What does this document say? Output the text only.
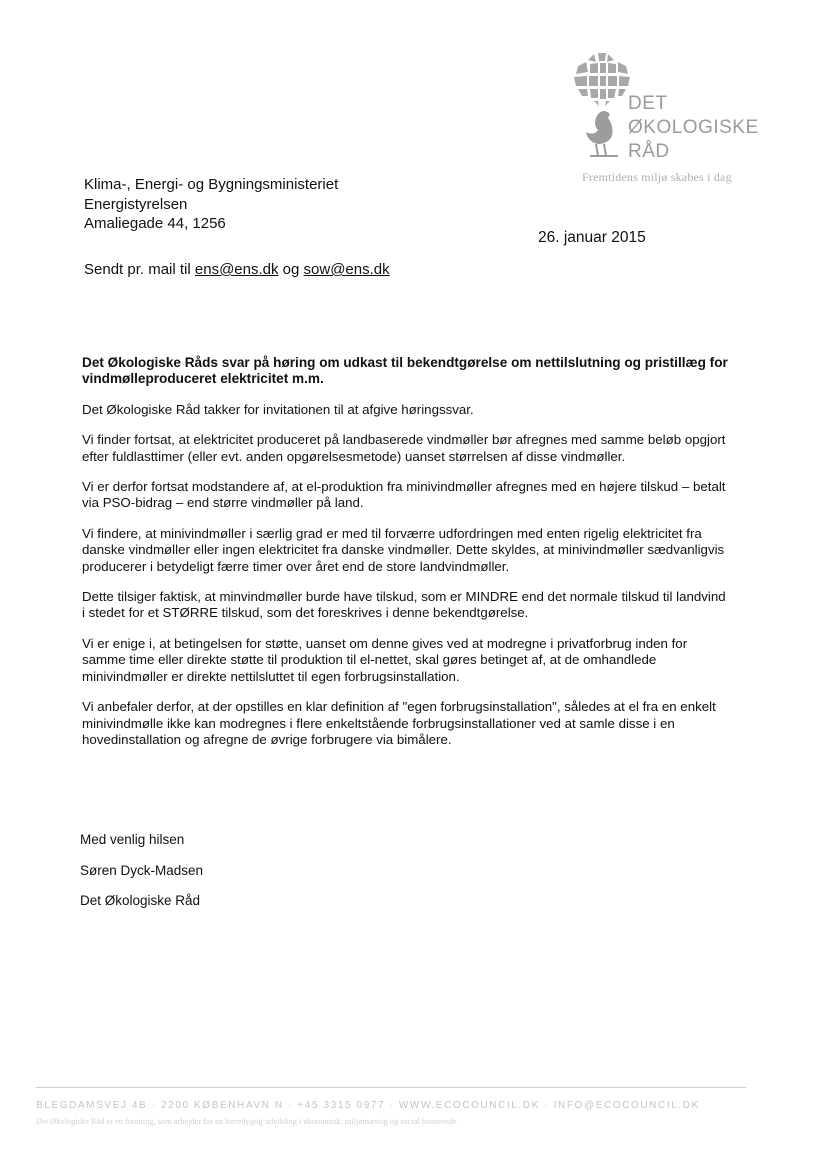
DET
ØKOLOGISKE
RÅD
Fremtidens miljø skabes i dag
Klima-, Energi- og Bygningsministeriet
Energistyrelsen
Amaliegade 44, 1256
26. januar 2015
Sendt pr. mail til ens@ens.dk og sow@ens.dk

Det Økologiske Råds svar på høring om udkast til bekendtgørelse om nettilslutning og pristillæg for vindmølleproduceret elektricitet m.m.

Det Økologiske Råd takker for invitationen til at afgive høringssvar.

Vi finder fortsat, at elektricitet produceret på landbaserede vindmøller bør afregnes med samme beløb opgjort efter fuldlasttimer (eller evt. anden opgørelsesmetode) uanset størrelsen af disse vindmøller.

Vi er derfor fortsat modstandere af, at el-produktion fra minivindmøller afregnes med en højere tilskud – betalt via PSO-bidrag – end større vindmøller på land.

Vi findere, at minivindmøller i særlig grad er med til forværre udfordringen med enten rigelig elektricitet fra danske vindmøller eller ingen elektricitet fra danske vindmøller. Dette skyldes, at minivindmøller sædvanligvis producerer i betydeligt færre timer over året end de store landvindmøller.

Dette tilsiger faktisk, at minvindmøller burde have tilskud, som er MINDRE end det normale tilskud til landvind i stedet for et STØRRE tilskud, som det foreskrives i denne bekendtgørelse.

Vi er enige i, at betingelsen for støtte, uanset om denne gives ved at modregne i privatforbrug inden for samme time eller direkte støtte til produktion til el-nettet, skal gøres betinget af, at de omhandlede minivindmøller er direkte nettilsluttet til egen forbrugsinstallation.

Vi anbefaler derfor, at der opstilles en klar definition af "egen forbrugsinstallation", således at el fra en enkelt minivindmølle ikke kan modregnes i flere enkeltstående forbrugsinstallationer ved at samle disse i en hovedinstallation og afregne de øvrige forbrugere via bimålere.

Med venlig hilsen
Søren Dyck-Madsen
Det Økologiske Råd
BLEGDAMSVEJ 4B · 2200 KØBENHAVN N · +45 3315 0977 · WWW.ECOCOUNCIL.DK · INFO@ECOCOUNCIL.DK
Det Økologiske Råd er en forening, som arbejder for en bæredygtig udvikling i økonomisk, miljømæssig og social henseende
